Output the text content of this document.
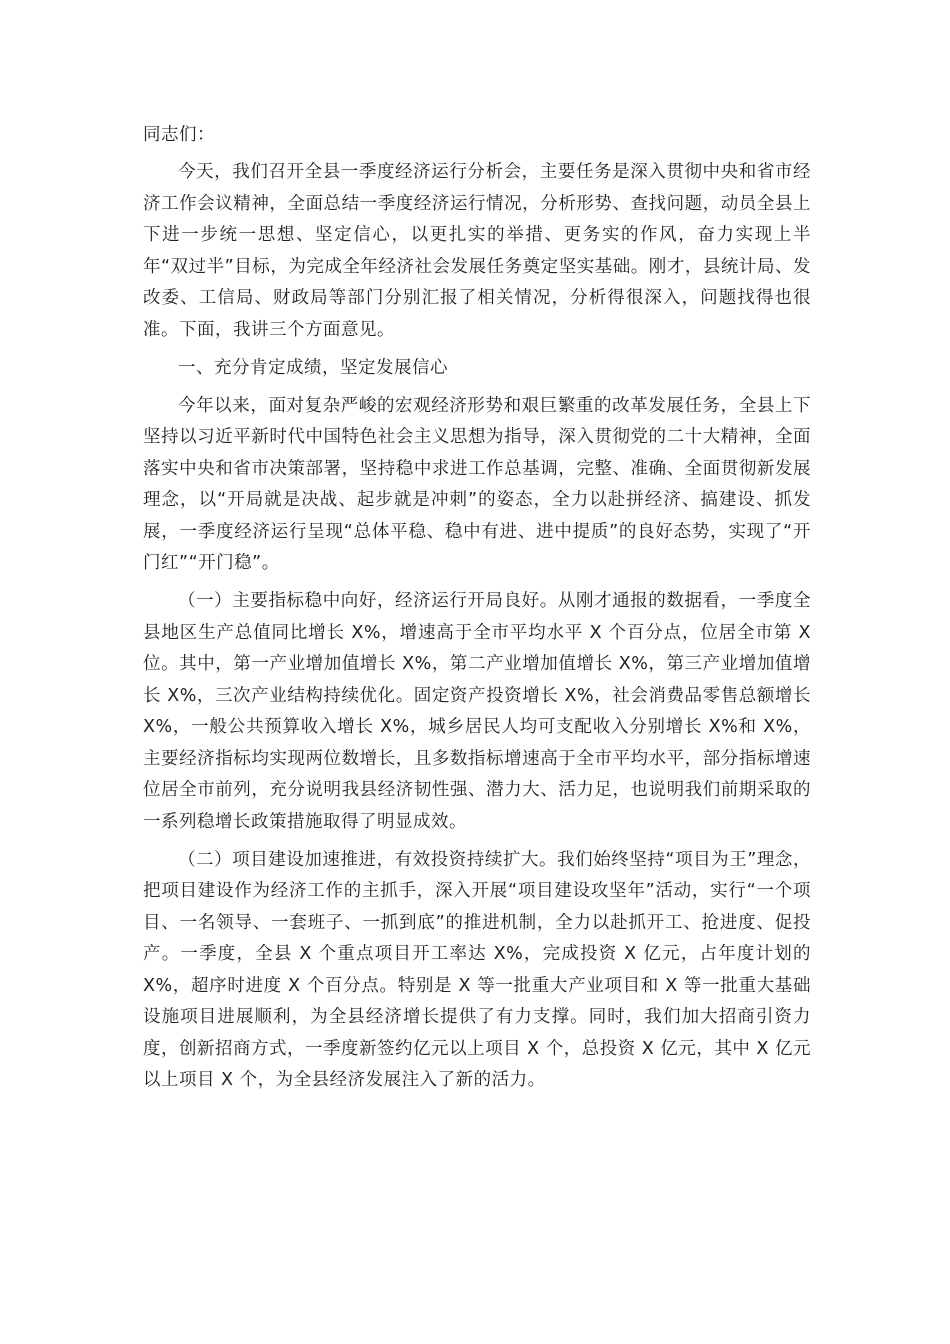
同志们：

今天，我们召开全县一季度经济运行分析会，主要任务是深入贯彻中央和省市经济工作会议精神，全面总结一季度经济运行情况，分析形势、查找问题，动员全县上下进一步统一思想、坚定信心，以更扎实的举措、更务实的作风，奋力实现上半年“双过半”目标，为完成全年经济社会发展任务奠定坚实基础。刚才，县统计局、发改委、工信局、财政局等部门分别汇报了相关情况，分析得很深入，问题找得也很准。下面，我讲三个方面意见。

一、充分肯定成绩，坚定发展信心

今年以来，面对复杂严峻的宏观经济形势和艰巨繁重的改革发展任务，全县上下坚持以习近平新时代中国特色社会主义思想为指导，深入贯彻党的二十大精神，全面落实中央和省市决策部署，坚持稳中求进工作总基调，完整、准确、全面贯彻新发展理念，以“开局就是决战、起步就是冲刺”的姿态，全力以赴拼经济、搞建设、抓发展，一季度经济运行呈现“总体平稳、稳中有进、进中提质”的良好态势，实现了“开门红”“开门稳”。

（一）主要指标稳中向好，经济运行开局良好。从刚才通报的数据看，一季度全县地区生产总值同比增长 X%，增速高于全市平均水平 X 个百分点，位居全市第 X 位。其中，第一产业增加值增长 X%，第二产业增加值增长 X%，第三产业增加值增长 X%，三次产业结构持续优化。固定资产投资增长 X%，社会消费品零售总额增长 X%，一般公共预算收入增长 X%，城乡居民人均可支配收入分别增长 X%和 X%，主要经济指标均实现两位数增长，且多数指标增速高于全市平均水平，部分指标增速位居全市前列，充分说明我县经济韧性强、潜力大、活力足，也说明我们前期采取的一系列稳增长政策措施取得了明显成效。

（二）项目建设加速推进，有效投资持续扩大。我们始终坚持“项目为王”理念，把项目建设作为经济工作的主抓手，深入开展“项目建设攻坚年”活动，实行“一个项目、一名领导、一套班子、一抓到底”的推进机制，全力以赴抓开工、抢进度、促投产。一季度，全县 X 个重点项目开工率达 X%，完成投资 X 亿元，占年度计划的 X%，超序时进度 X 个百分点。特别是 X 等一批重大产业项目和 X 等一批重大基础设施项目进展顺利，为全县经济增长提供了有力支撑。同时，我们加大招商引资力度，创新招商方式，一季度新签约亿元以上项目 X 个，总投资 X 亿元，其中 X 亿元以上项目 X 个，为全县经济发展注入了新的活力。
